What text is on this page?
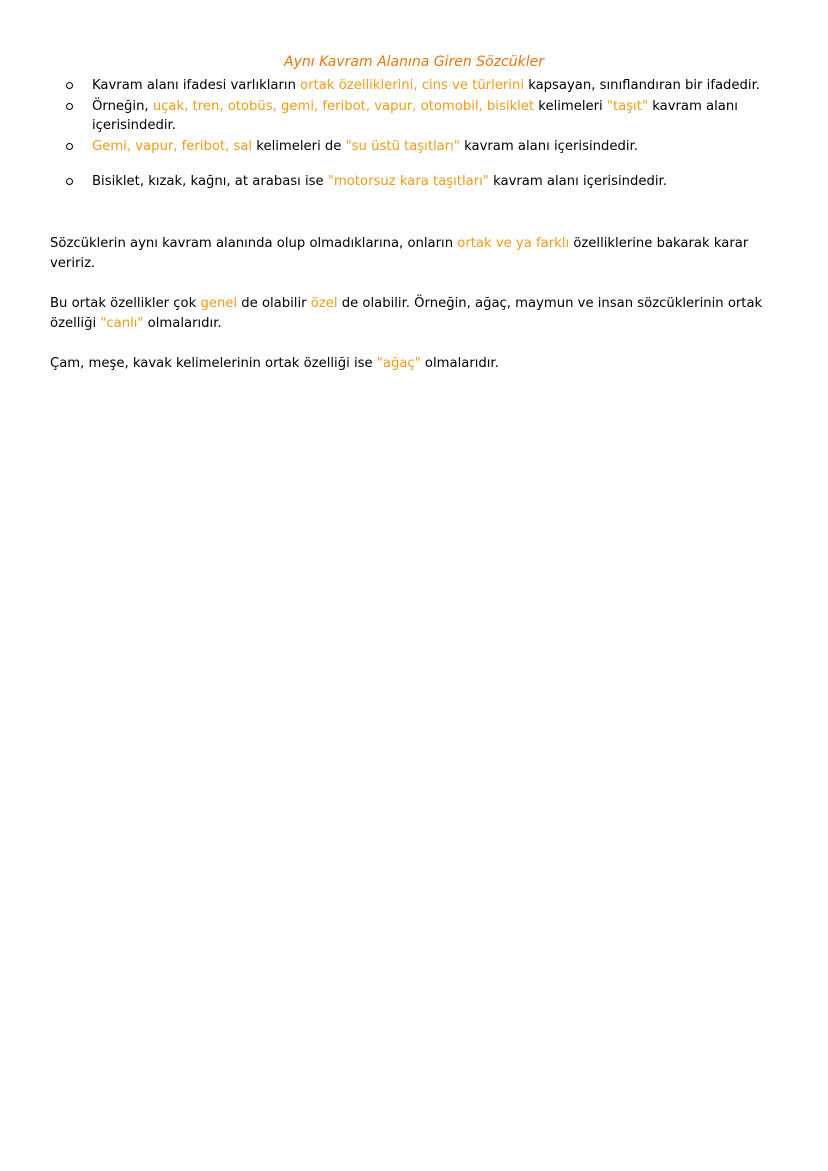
Aynı Kavram Alanına Giren Sözcükler
Kavram alanı ifadesi varlıkların ortak özelliklerini, cins ve türlerini kapsayan, sınıflandıran bir ifadedir.
Örneğin, uçak, tren, otobüs, gemi, feribot, vapur, otomobil, bisiklet kelimeleri "taşıt" kavram alanı içerisindedir.
Gemi, vapur, feribot, sal kelimeleri de "su üstü taşıtları" kavram alanı içerisindedir.
Bisiklet, kızak, kağnı, at arabası ise "motorsuz kara taşıtları" kavram alanı içerisindedir.

Sözcüklerin aynı kavram alanında olup olmadıklarına, onların ortak ve ya farklı özelliklerine bakarak karar veririz.

Bu ortak özellikler çok genel de olabilir özel de olabilir. Örneğin, ağaç, maymun ve insan sözcüklerinin ortak özelliği "canlı" olmalarıdır.

Çam, meşe, kavak kelimelerinin ortak özelliği ise "ağaç" olmalarıdır.
